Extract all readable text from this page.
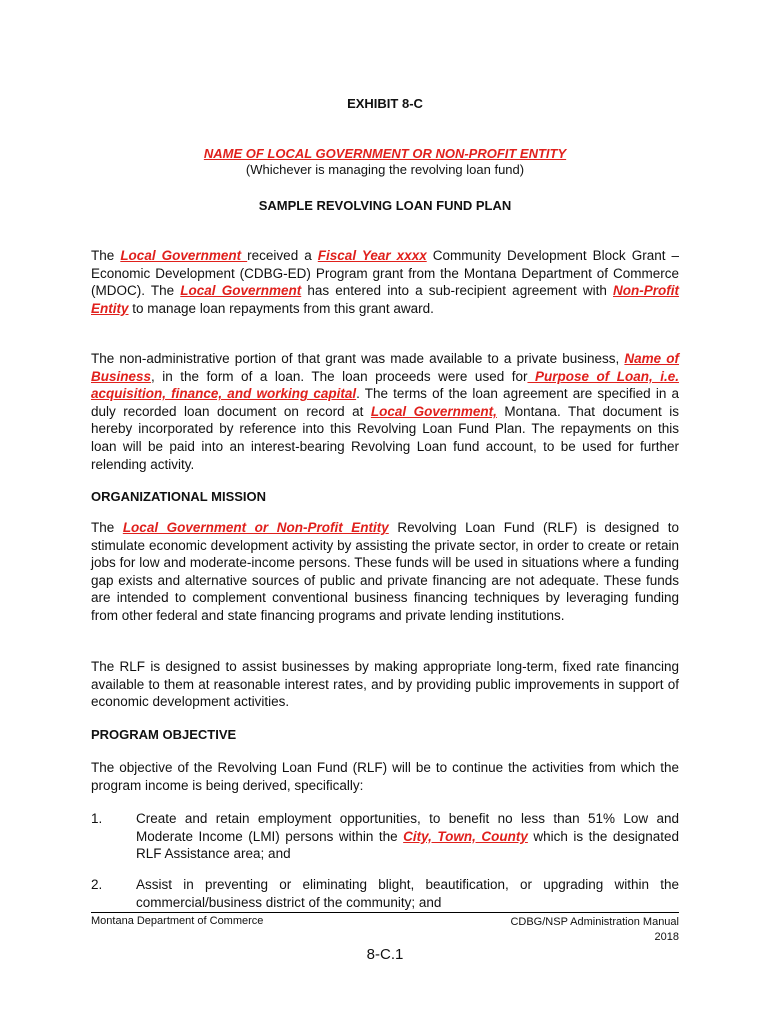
EXHIBIT 8-C
NAME OF LOCAL GOVERNMENT OR NON-PROFIT ENTITY
(Whichever is managing the revolving loan fund)
SAMPLE REVOLVING LOAN FUND PLAN
The Local Government received a Fiscal Year xxxx Community Development Block Grant – Economic Development (CDBG-ED) Program grant from the Montana Department of Commerce (MDOC). The Local Government has entered into a sub-recipient agreement with Non-Profit Entity to manage loan repayments from this grant award.
The non-administrative portion of that grant was made available to a private business, Name of Business, in the form of a loan. The loan proceeds were used for Purpose of Loan, i.e. acquisition, finance, and working capital. The terms of the loan agreement are specified in a duly recorded loan document on record at Local Government, Montana. That document is hereby incorporated by reference into this Revolving Loan Fund Plan. The repayments on this loan will be paid into an interest-bearing Revolving Loan fund account, to be used for further relending activity.
ORGANIZATIONAL MISSION
The Local Government or Non-Profit Entity Revolving Loan Fund (RLF) is designed to stimulate economic development activity by assisting the private sector, in order to create or retain jobs for low and moderate-income persons. These funds will be used in situations where a funding gap exists and alternative sources of public and private financing are not adequate. These funds are intended to complement conventional business financing techniques by leveraging funding from other federal and state financing programs and private lending institutions.
The RLF is designed to assist businesses by making appropriate long-term, fixed rate financing available to them at reasonable interest rates, and by providing public improvements in support of economic development activities.
PROGRAM OBJECTIVE
The objective of the Revolving Loan Fund (RLF) will be to continue the activities from which the program income is being derived, specifically:
1. Create and retain employment opportunities, to benefit no less than 51% Low and Moderate Income (LMI) persons within the City, Town, County which is the designated RLF Assistance area; and
2. Assist in preventing or eliminating blight, beautification, or upgrading within the commercial/business district of the community; and
Montana Department of Commerce	CDBG/NSP Administration Manual
2018
8-C.1
